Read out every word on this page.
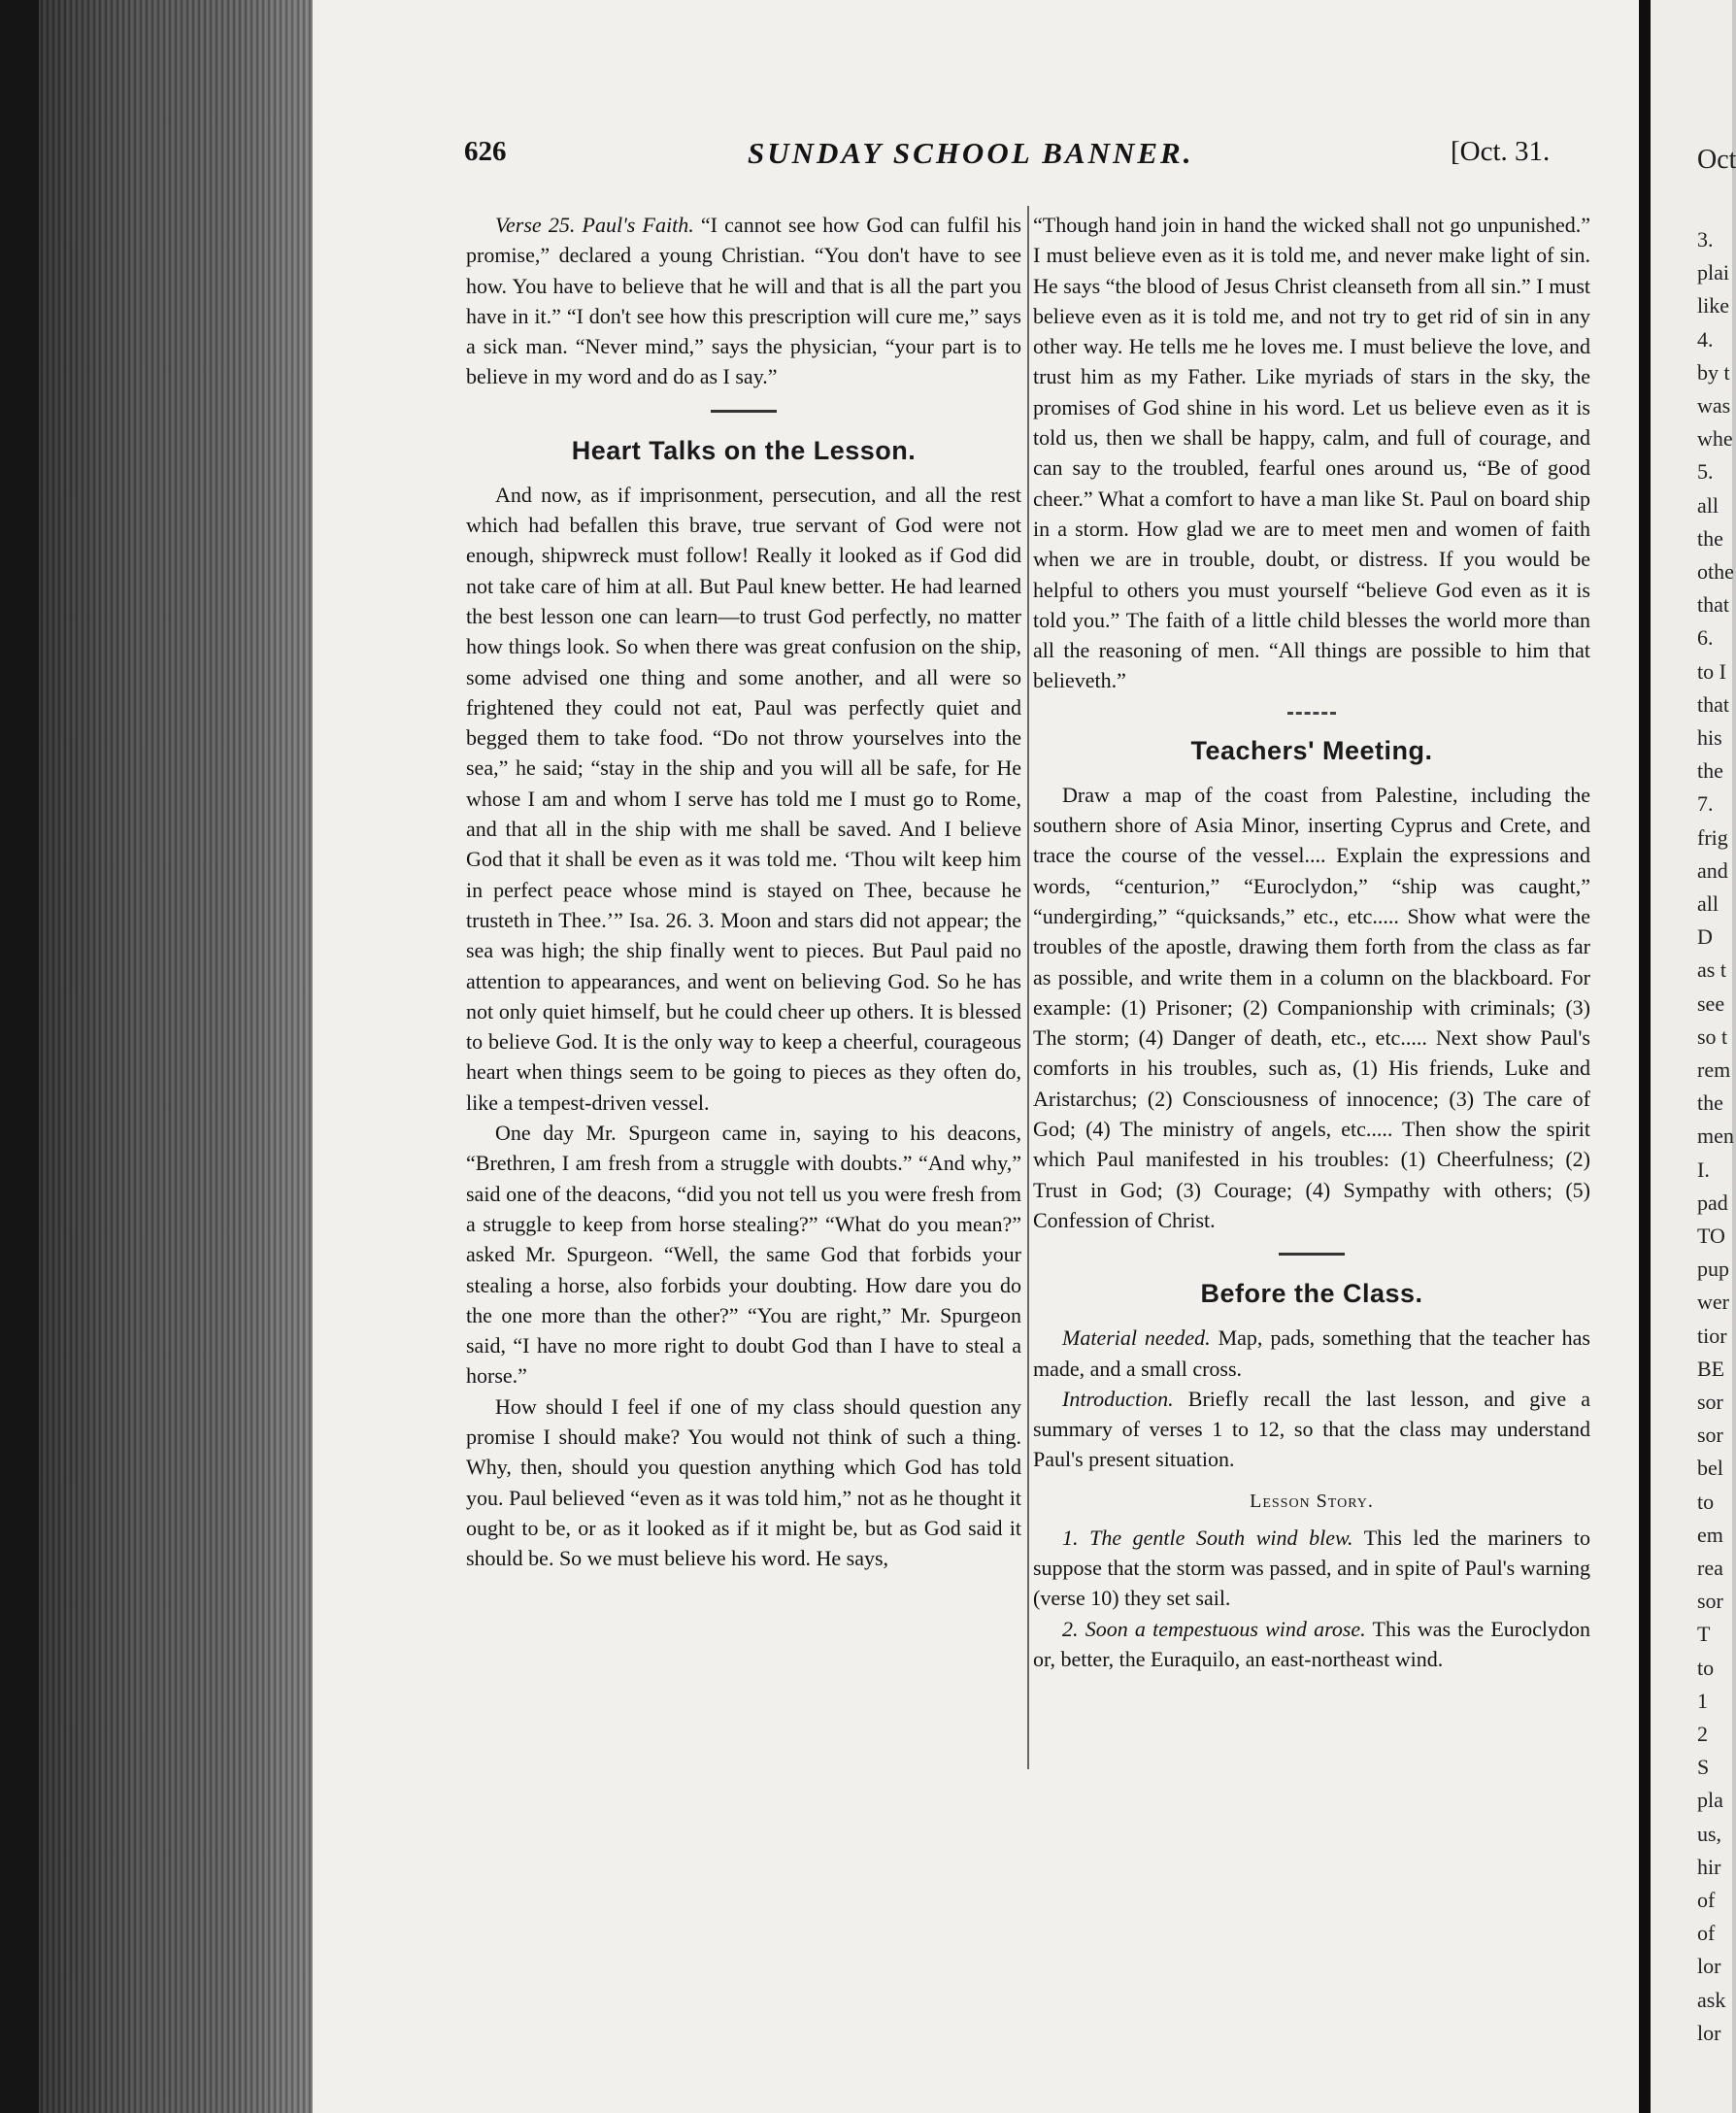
626	SUNDAY SCHOOL BANNER.	[Oct. 31.

Verse 25. Paul's Faith. “I cannot see how God can fulfil his promise,” declared a young Christian. “You don't have to see how. You have to believe that he will and that is all the part you have in it.” “I don't see how this prescription will cure me,” says a sick man. “Never mind,” says the physician, “your part is to believe in my word and do as I say.”

Heart Talks on the Lesson.

And now, as if imprisonment, persecution, and all the rest which had befallen this brave, true servant of God were not enough, shipwreck must follow! Really it looked as if God did not take care of him at all. But Paul knew better. He had learned the best lesson one can learn—to trust God perfectly, no matter how things look. So when there was great confusion on the ship, some advised one thing and some another, and all were so frightened they could not eat, Paul was perfectly quiet and begged them to take food. “Do not throw yourselves into the sea,” he said; “stay in the ship and you will all be safe, for He whose I am and whom I serve has told me I must go to Rome, and that all in the ship with me shall be saved. And I believe God that it shall be even as it was told me. ‘Thou wilt keep him in perfect peace whose mind is stayed on Thee, because he trusteth in Thee.’” Isa. 26. 3. Moon and stars did not appear; the sea was high; the ship finally went to pieces. But Paul paid no attention to appearances, and went on believing God. So he has not only quiet himself, but he could cheer up others. It is blessed to believe God. It is the only way to keep a cheerful, courageous heart when things seem to be going to pieces as they often do, like a tempest-driven vessel.

One day Mr. Spurgeon came in, saying to his deacons, “Brethren, I am fresh from a struggle with doubts.” “And why,” said one of the deacons, “did you not tell us you were fresh from a struggle to keep from horse stealing?” “What do you mean?” asked Mr. Spurgeon. “Well, the same God that forbids your stealing a horse, also forbids your doubting. How dare you do the one more than the other?” “You are right,” Mr. Spurgeon said, “I have no more right to doubt God than I have to steal a horse.”

How should I feel if one of my class should question any promise I should make? You would not think of such a thing. Why, then, should you question anything which God has told you. Paul believed “even as it was told him,” not as he thought it ought to be, or as it looked as if it might be, but as God said it should be. So we must believe his word. He says,

“Though hand join in hand the wicked shall not go unpunished.” I must believe even as it is told me, and never make light of sin. He says “the blood of Jesus Christ cleanseth from all sin.” I must believe even as it is told me, and not try to get rid of sin in any other way. He tells me he loves me. I must believe the love, and trust him as my Father. Like myriads of stars in the sky, the promises of God shine in his word. Let us believe even as it is told us, then we shall be happy, calm, and full of courage, and can say to the troubled, fearful ones around us, “Be of good cheer.” What a comfort to have a man like St. Paul on board ship in a storm. How glad we are to meet men and women of faith when we are in trouble, doubt, or distress. If you would be helpful to others you must yourself “believe God even as it is told you.” The faith of a little child blesses the world more than all the reasoning of men. “All things are possible to him that believeth.”

Teachers' Meeting.

Draw a map of the coast from Palestine, including the southern shore of Asia Minor, inserting Cyprus and Crete, and trace the course of the vessel.... Explain the expressions and words, “centurion,” “Euroclydon,” “ship was caught,” “undergirding,” “quicksands,” etc., etc..... Show what were the troubles of the apostle, drawing them forth from the class as far as possible, and write them in a column on the blackboard. For example: (1) Prisoner; (2) Companionship with criminals; (3) The storm; (4) Danger of death, etc., etc..... Next show Paul's comforts in his troubles, such as, (1) His friends, Luke and Aristarchus; (2) Consciousness of innocence; (3) The care of God; (4) The ministry of angels, etc..... Then show the spirit which Paul manifested in his troubles: (1) Cheerfulness; (2) Trust in God; (3) Courage; (4) Sympathy with others; (5) Confession of Christ.

Before the Class.

Material needed. Map, pads, something that the teacher has made, and a small cross.

Introduction. Briefly recall the last lesson, and give a summary of verses 1 to 12, so that the class may understand Paul's present situation.

Lesson Story.

1. The gentle South wind blew. This led the mariners to suppose that the storm was passed, and in spite of Paul's warning (verse 10) they set sail.

2. Soon a tempestuous wind arose. This was the Euroclydon or, better, the Euraquilo, an east-northeast wind.

Oct
3.
plai
like
4.
by t
was
whe
5.
all
the
othe
that
6.
to I
that
his
the
7.
frig
and
all
D
as t
see
so t
rem
the
men
I.
pad
TO
pup
wer
tior
BE
sor
sor
bel
to
em
rea
sor
T
to
1
2
S
pla
us,
hir
of
of
lor
ask
lor
